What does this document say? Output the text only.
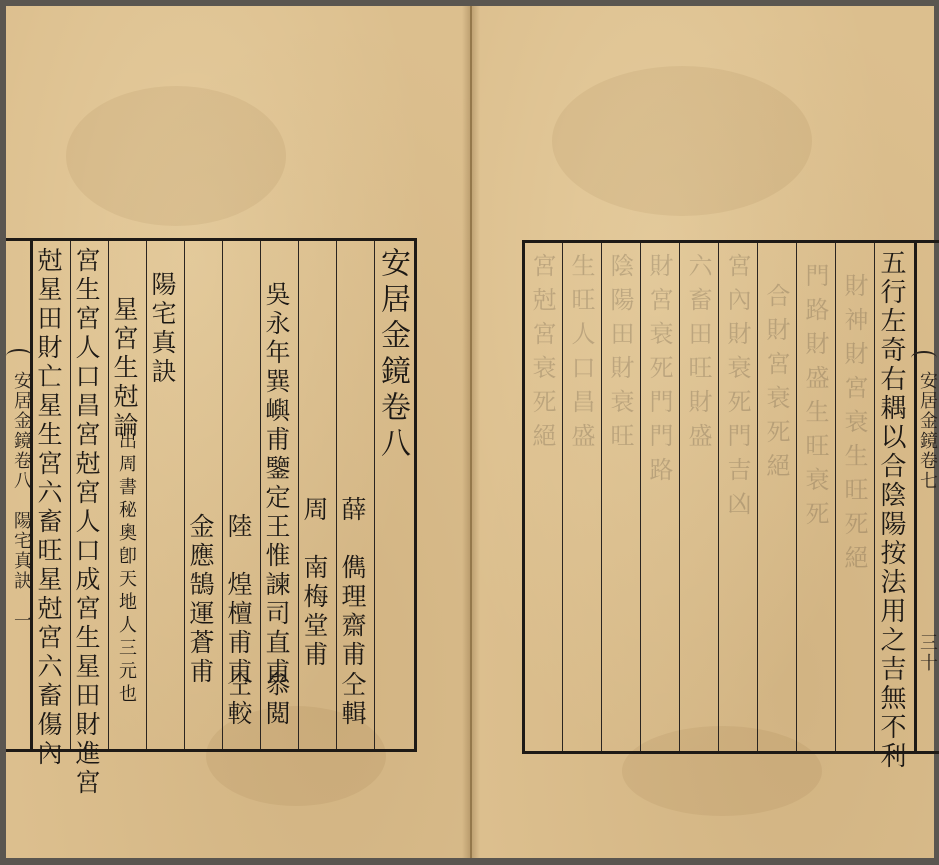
安居金鏡卷八　陽宅真訣　一
安居金鏡卷八
薛　儁理齋甫
仝輯
周　南梅堂甫
吳永年巽嶼甫鑒定
王惟諫司直甫
叅閲
陸　煌檀甫甫
仝較
金應鵠運蒼甫
陽宅真訣
星宮生尅論
出周書秘奧卽天地人三元也
宮生宮人口昌宮尅宮人口成宮生星田財進宮
尅星田財亡星生宮六畜旺星尅宮六畜傷內	財神財宮衰生旺死絕
門路財盛生旺衰死
合財宮衰死絕
宮內財衰死門吉凶
六畜田旺財盛
財宮衰死門門路
陰陽田財衰旺
生旺人口昌盛
宮尅宮衰死絕	五行左奇右耦以合陰陽按法用之吉無不利 安居金鏡卷七
三十
